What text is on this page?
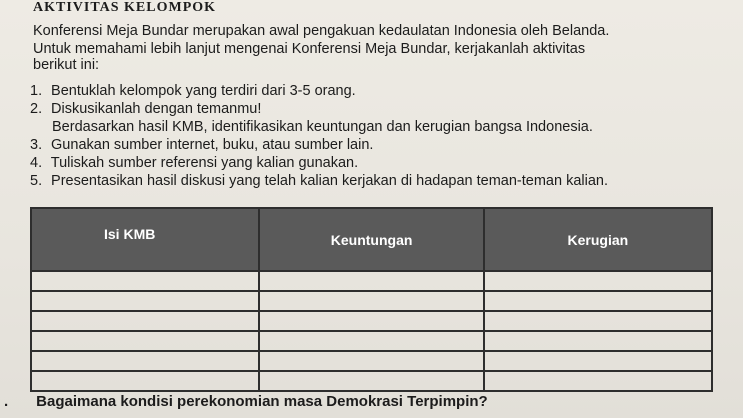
AKTIVITAS KELOMPOK

Konferensi Meja Bundar merupakan awal pengakuan kedaulatan Indonesia oleh Belanda.

Untuk memahami lebih lanjut mengenai Konferensi Meja Bundar, kerjakanlah aktivitas

berikut ini:

1. Bentuklah kelompok yang terdiri dari 3-5 orang.
2. Diskusikanlah dengan temanmu!
Berdasarkan hasil KMB, identifikasikan keuntungan dan kerugian bangsa Indonesia.
3. Gunakan sumber internet, buku, atau sumber lain.
4. Tuliskah sumber referensi yang kalian gunakan.
5. Presentasikan hasil diskusi yang telah kalian kerjakan di hadapan teman-teman kalian.
Isi KMB	Keuntungan	Kerugian

. Bagaimana kondisi perekonomian masa Demokrasi Terpimpin?
